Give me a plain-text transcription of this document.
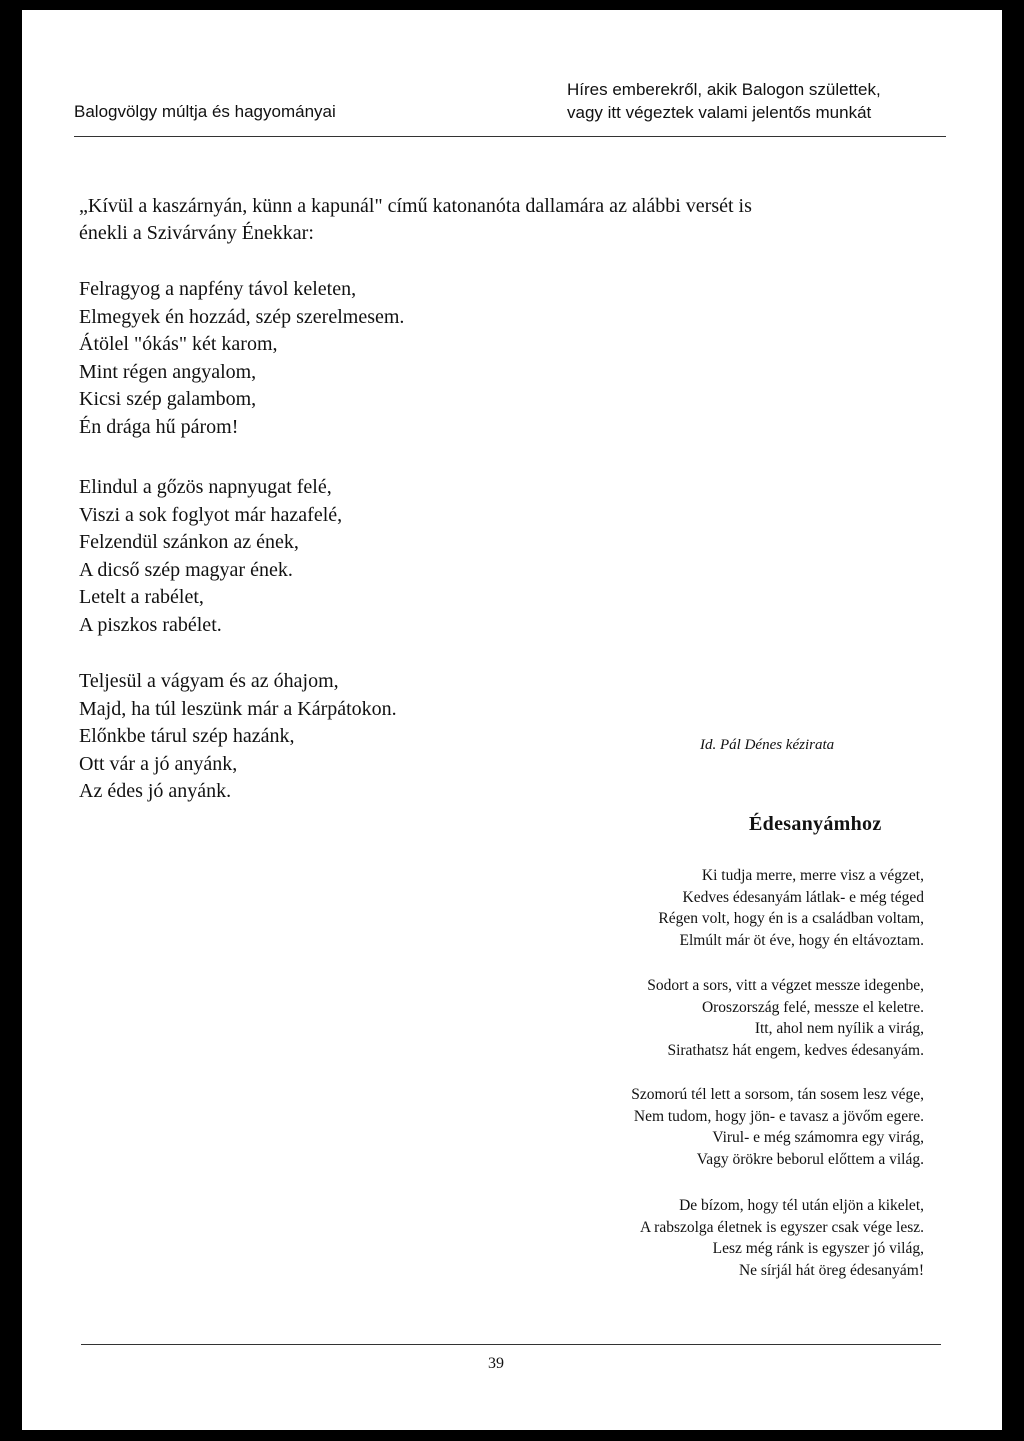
Balogvölgy múltja és hagyományai
Híres emberekről, akik Balogon születtek,
vagy itt végeztek valami jelentős munkát
„Kívül a kaszárnyán, künn a kapunál" című katonanóta dallamára az alábbi versét is
énekli a Szivárvány Énekkar:
Felragyog a napfény távol keleten,
Elmegyek én hozzád, szép szerelmesem.
Átölel "ókás" két karom,
Mint régen angyalom,
Kicsi szép galambom,
Én drága hű párom!
Elindul a gőzös napnyugat felé,
Viszi a sok foglyot már hazafelé,
Felzendül szánkon az ének,
A dicső szép magyar ének.
Letelt a rabélet,
A piszkos rabélet.
Teljesül a vágyam és az óhajom,
Majd, ha túl leszünk már a Kárpátokon.
Előnkbe tárul szép hazánk,
Ott vár a jó anyánk,
Az édes jó anyánk.
Id. Pál Dénes kézirata
Édesanyámhoz
Ki tudja merre, merre visz a végzet,
Kedves édesanyám látlak- e még téged
Régen volt, hogy én is a családban voltam,
Elmúlt már öt éve, hogy én eltávoztam.
Sodort a sors, vitt a végzet messze idegenbe,
Oroszország felé, messze el keletre.
Itt, ahol nem nyílik a virág,
Sirathatsz hát engem, kedves édesanyám.
Szomorú tél lett a sorsom, tán sosem lesz vége,
Nem tudom, hogy jön- e tavasz a jövőm egere.
Virul- e még számomra egy virág,
Vagy örökre beborul előttem a világ.
De bízom, hogy tél után eljön a kikelet,
A rabszolga életnek is egyszer csak vége lesz.
Lesz még ránk is egyszer jó világ,
Ne sírjál hát öreg édesanyám!
39
